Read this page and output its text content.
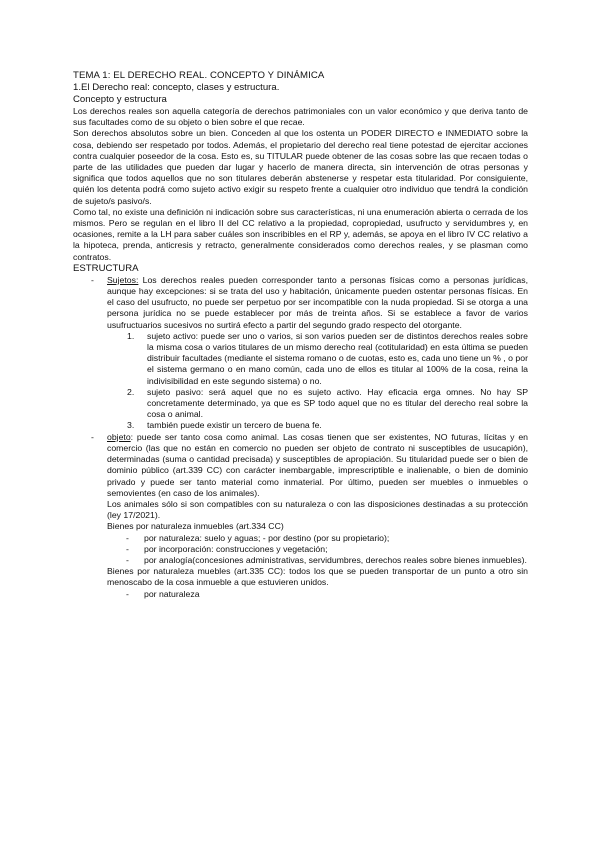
TEMA 1: EL DERECHO REAL. CONCEPTO Y DINÁMICA

1.El Derecho real: concepto, clases y estructura.

Concepto y estructura

Los derechos reales son aquella categoría de derechos patrimoniales con un valor económico y que deriva tanto de sus facultades como de su objeto o bien sobre el que recae.

Son derechos absolutos sobre un bien. Conceden al que los ostenta un PODER DIRECTO e INMEDIATO sobre la cosa, debiendo ser respetado por todos. Además, el propietario del derecho real tiene potestad de ejercitar acciones contra cualquier poseedor de la cosa. Esto es, su TITULAR puede obtener de las cosas sobre las que recaen todas o parte de las utilidades que pueden dar lugar y hacerlo de manera directa, sin intervención de otras personas y significa que todos aquellos que no son titulares deberán abstenerse y respetar esta titularidad. Por consiguiente, quién los detenta podrá como sujeto activo exigir su respeto frente a cualquier otro individuo que tendrá la condición de sujeto/s pasivo/s.

Como tal, no existe una definición ni indicación sobre sus características, ni una enumeración abierta o cerrada de los mismos. Pero se regulan en el libro II del CC relativo a la propiedad, copropiedad, usufructo y servidumbres y, en ocasiones, remite a la LH para saber cuáles son inscribibles en el RP y, además, se apoya en el libro IV CC relativo a la hipoteca, prenda, anticresis y retracto, generalmente considerados como derechos reales, y se plasman como contratos.

ESTRUCTURA

- Sujetos: Los derechos reales pueden corresponder tanto a personas físicas como a personas jurídicas, aunque hay excepciones: si se trata del uso y habitación, únicamente pueden ostentar personas físicas. En el caso del usufructo, no puede ser perpetuo por ser incompatible con la nuda propiedad. Si se otorga a una persona jurídica no se puede establecer por más de treinta años. Si se establece a favor de varios usufructuarios sucesivos no surtirá efecto a partir del segundo grado respecto del otorgante.

1. sujeto activo: puede ser uno o varios, si son varios pueden ser de distintos derechos reales sobre la misma cosa o varios titulares de un mismo derecho real (cotitularidad) en esta última se pueden distribuir facultades (mediante el sistema romano o de cuotas, esto es, cada uno tiene un % , o por el sistema germano o en mano común, cada uno de ellos es titular al 100% de la cosa, reina la indivisibilidad en este segundo sistema) o no.

2. sujeto pasivo: será aquel que no es sujeto activo. Hay eficacia erga omnes. No hay SP concretamente determinado, ya que es SP todo aquel que no es titular del derecho real sobre la cosa o animal.

3. también puede existir un tercero de buena fe.

- objeto: puede ser tanto cosa como animal. Las cosas tienen que ser existentes, NO futuras, lícitas y en comercio (las que no están en comercio no pueden ser objeto de contrato ni susceptibles de usucapión), determinadas (suma o cantidad precisada) y susceptibles de apropiación. Su titularidad puede ser o bien de dominio público (art.339 CC) con carácter inembargable, imprescriptible e inalienable, o bien de dominio privado y puede ser tanto material como inmaterial. Por último, pueden ser muebles o inmuebles o semovientes (en caso de los animales).

Los animales sólo si son compatibles con su naturaleza o con las disposiciones destinadas a su protección (ley 17/2021).

Bienes por naturaleza inmuebles (art.334 CC)

- por naturaleza: suelo y aguas; - por destino (por su propietario);

- por incorporación: construcciones y vegetación;

- por analogía(concesiones administrativas, servidumbres, derechos reales sobre bienes inmuebles).

Bienes por naturaleza muebles (art.335 CC): todos los que se pueden transportar de un punto a otro sin menoscabo de la cosa inmueble a que estuvieren unidos.

- por naturaleza
